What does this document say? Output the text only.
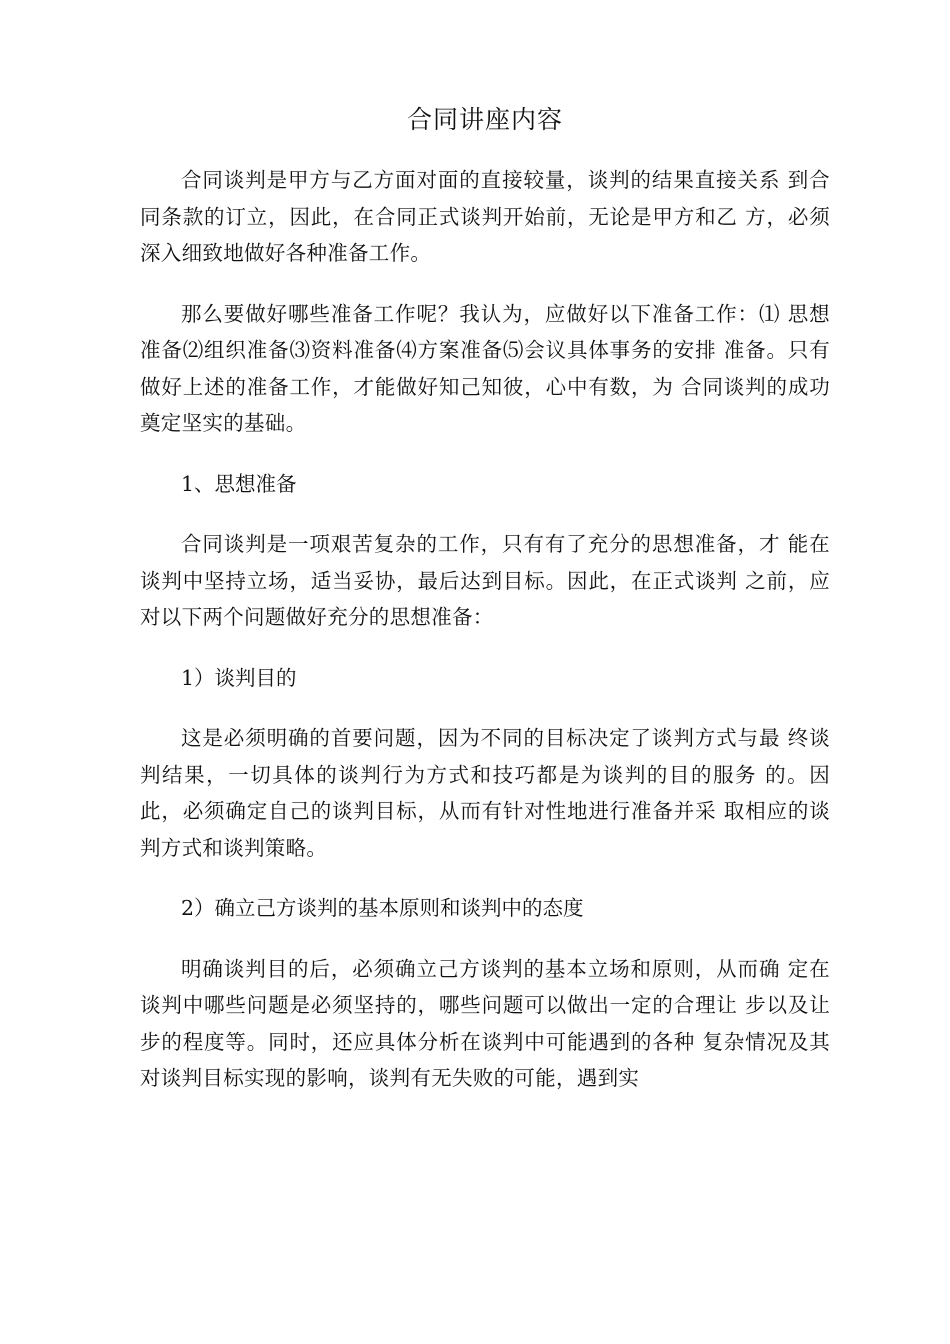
合同讲座内容

合同谈判是甲方与乙方面对面的直接较量，谈判的结果直接关系 到合同条款的订立，因此，在合同正式谈判开始前，无论是甲方和乙 方，必须深入细致地做好各种准备工作。

那么要做好哪些准备工作呢？我认为，应做好以下准备工作：⑴ 思想准备⑵组织准备⑶资料准备⑷方案准备⑸会议具体事务的安排 准备。只有做好上述的准备工作，才能做好知己知彼，心中有数，为 合同谈判的成功奠定坚实的基础。

1、思想准备

合同谈判是一项艰苦复杂的工作，只有有了充分的思想准备，才 能在谈判中坚持立场，适当妥协，最后达到目标。因此，在正式谈判 之前，应对以下两个问题做好充分的思想准备：

1）谈判目的

这是必须明确的首要问题，因为不同的目标决定了谈判方式与最 终谈判结果，一切具体的谈判行为方式和技巧都是为谈判的目的服务 的。因此，必须确定自己的谈判目标，从而有针对性地进行准备并采 取相应的谈判方式和谈判策略。

2）确立己方谈判的基本原则和谈判中的态度

明确谈判目的后，必须确立己方谈判的基本立场和原则，从而确 定在谈判中哪些问题是必须坚持的，哪些问题可以做出一定的合理让 步以及让步的程度等。同时，还应具体分析在谈判中可能遇到的各种 复杂情况及其对谈判目标实现的影响，谈判有无失败的可能，遇到实
